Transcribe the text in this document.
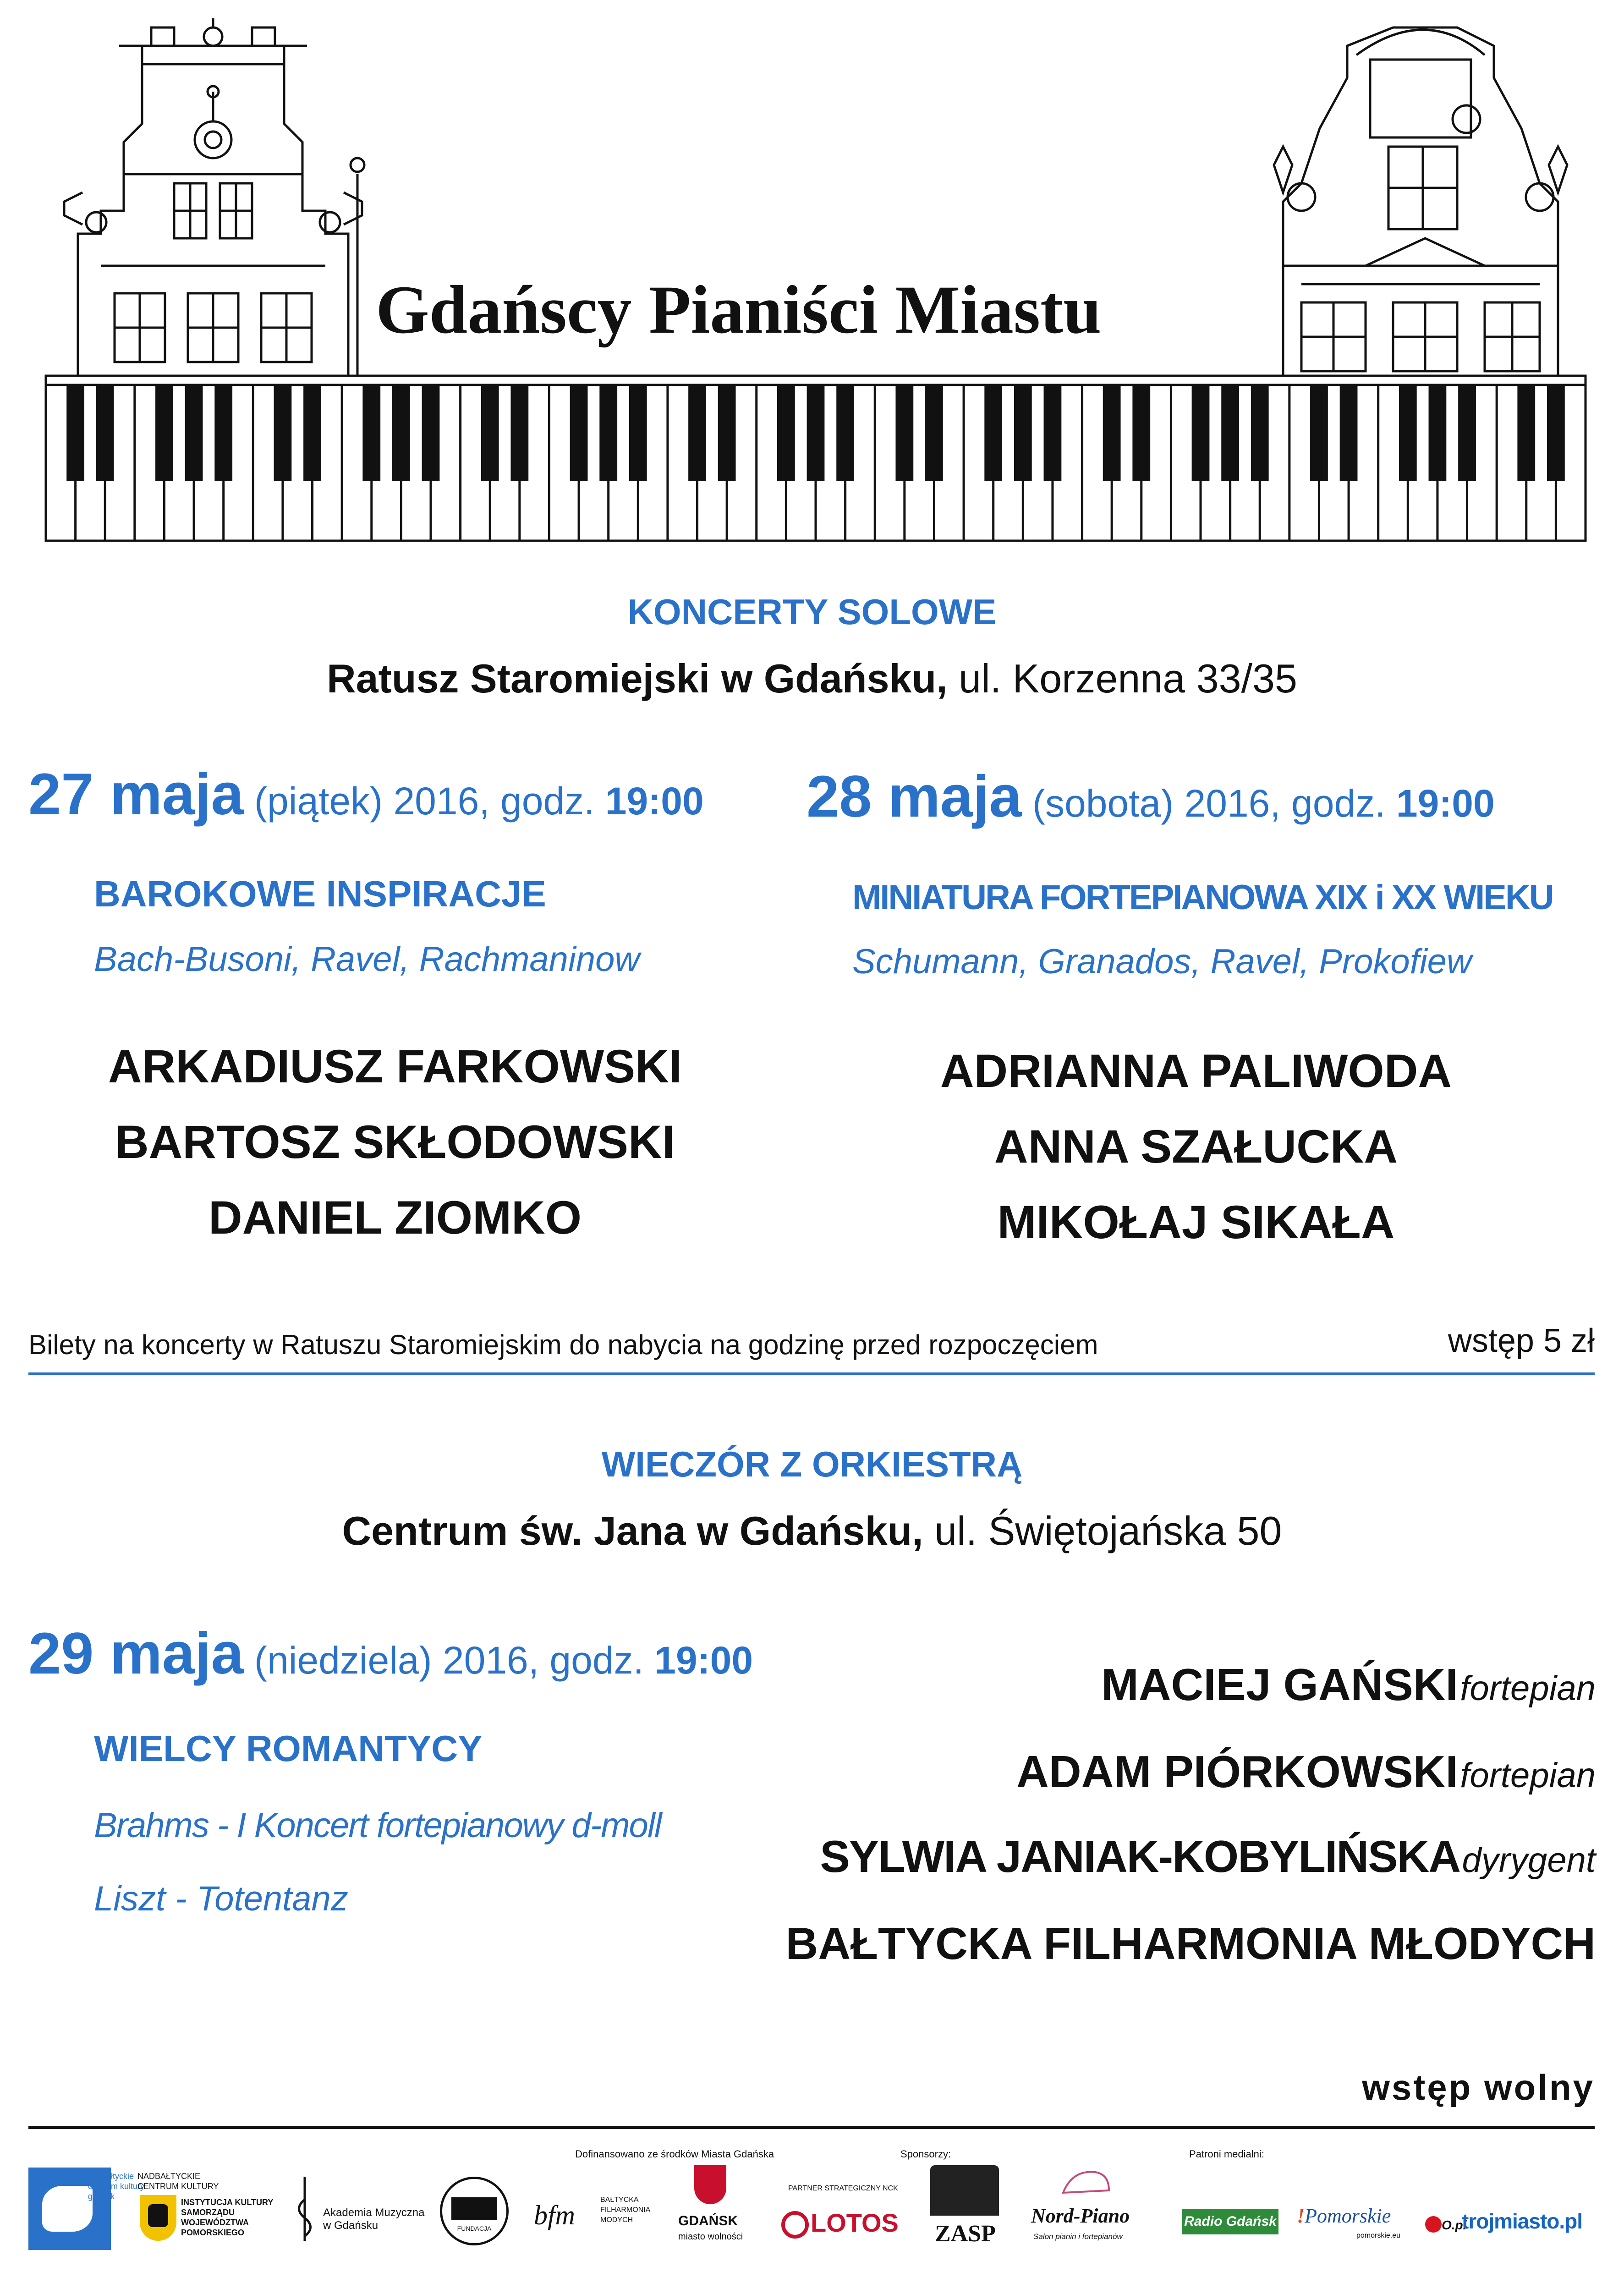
Gdańscy Pianiści Miastu
KONCERTY SOLOWE
Ratusz Staromiejski w Gdańsku, ul. Korzenna 33/35
27 maja (piątek) 2016, godz. 19:00
BAROKOWE INSPIRACJE
Bach-Busoni, Ravel, Rachmaninow
ARKADIUSZ FARKOWSKI
BARTOSZ SKŁODOWSKI
DANIEL ZIOMKO
28 maja (sobota) 2016, godz. 19:00
MINIATURA FORTEPIANOWA XIX i XX WIEKU
Schumann, Granados, Ravel, Prokofiew
ADRIANNA PALIWODA
ANNA SZAŁUCKA
MIKOŁAJ SIKAŁA
Bilety na koncerty w Ratuszu Staromiejskim do nabycia na godzinę przed rozpoczęciem	wstęp 5 zł
WIECZÓR Z ORKIESTRĄ
Centrum św. Jana w Gdańsku, ul. Świętojańska 50
29 maja (niedziela) 2016, godz. 19:00
WIELCY ROMANTYCY
Brahms - I Koncert fortepianowy d-moll
Liszt - Totentanz
MACIEJ GAŃSKI fortepian
ADAM PIÓRKOWSKI fortepian
SYLWIA JANIAK-KOBYLIŃSKA dyrygent
BAŁTYCKA FILHARMONIA MŁODYCH
wstęp wolny
Dofinansowano ze środków Miasta Gdańska	Sponsorzy:	Patroni medialni:
nadbałtyckie
centrum kultury
gdańsk
NADBAŁTYCKIE
CENTRUM KULTURY
INSTYTUCJA KULTURY
SAMORZĄDU
WOJEWÓDZTWA
POMORSKIEGO
Akademia Muzyczna
w Gdańsku	FUNDACJA	bfm
BAŁTYCKA
FILHARMONIA
MODYCH	GDAŃSK
miasto wolności
PARTNER STRATEGICZNY NCK
LOTOS ZASP
Nord-Piano
Salon pianin i fortepianów
Radio Gdańsk !Pomorskie
pomorskie.eu
O.pl
trojmiasto.pl
